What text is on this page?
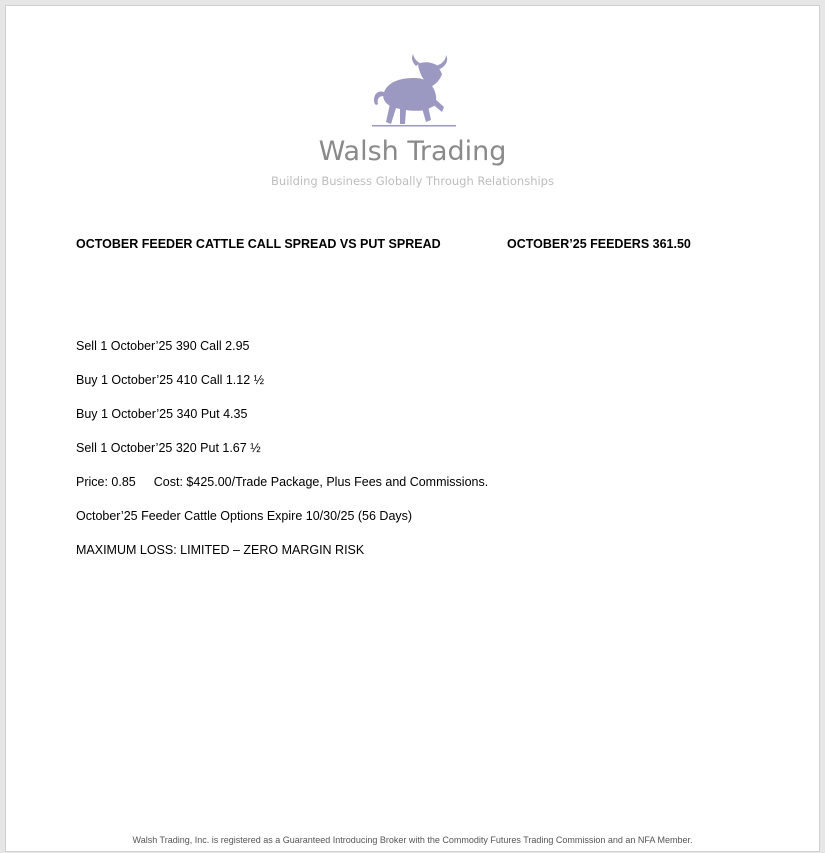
Walsh Trading
Building Business Globally Through Relationships
OCTOBER FEEDER CATTLE CALL SPREAD VS PUT SPREAD	OCTOBER’25 FEEDERS 361.50
Sell 1 October’25 390 Call 2.95
Buy 1 October’25 410 Call 1.12 ½
Buy 1 October’25 340 Put 4.35
Sell 1 October’25 320 Put 1.67 ½
Price: 0.85 Cost: $425.00/Trade Package, Plus Fees and Commissions.
October’25 Feeder Cattle Options Expire 10/30/25 (56 Days)
MAXIMUM LOSS: LIMITED – ZERO MARGIN RISK
Walsh Trading, Inc. is registered as a Guaranteed Introducing Broker with the Commodity Futures Trading Commission and an NFA Member.
